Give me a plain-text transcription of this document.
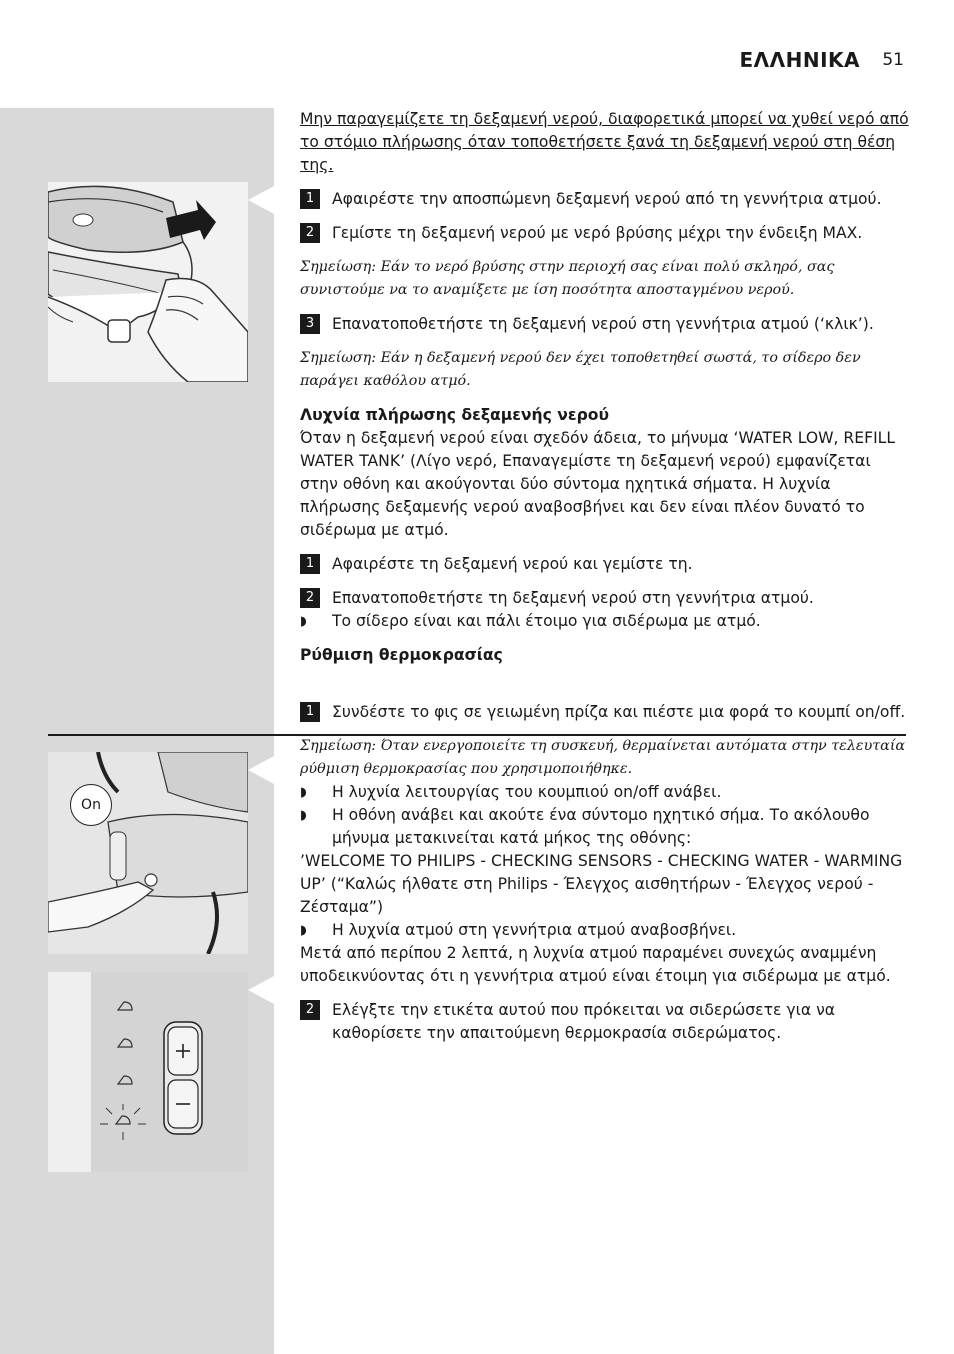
ΕΛΛΗΝΙΚΑ 51
On

Μην παραγεμίζετε τη δεξαμενή νερού, διαφορετικά μπορεί να χυθεί νερό από το στόμιο πλήρωσης όταν τοποθετήσετε ξανά τη δεξαμενή νερού στη θέση της.

1	Αφαιρέστε την αποσπώμενη δεξαμενή νερού από τη γεννήτρια ατμού.
2	Γεμίστε τη δεξαμενή νερού με νερό βρύσης μέχρι την ένδειξη MAX.

Σημείωση: Εάν το νερό βρύσης στην περιοχή σας είναι πολύ σκληρό, σας συνιστούμε να το αναμίξετε με ίση ποσότητα αποσταγμένου νερού.

3	Επανατοποθετήστε τη δεξαμενή νερού στη γεννήτρια ατμού (‘κλικ’).

Σημείωση: Εάν η δεξαμενή νερού δεν έχει τοποθετηθεί σωστά, το σίδερο δεν παράγει καθόλου ατμό.

Λυχνία πλήρωσης δεξαμενής νερού

Όταν η δεξαμενή νερού είναι σχεδόν άδεια, το μήνυμα ‘WATER LOW, REFILL WATER TANK’ (Λίγο νερό, Επαναγεμίστε τη δεξαμενή νερού) εμφανίζεται στην οθόνη και ακούγονται δύο σύντομα ηχητικά σήματα. Η λυχνία πλήρωσης δεξαμενής νερού αναβοσβήνει και δεν είναι πλέον δυνατό το σιδέρωμα με ατμό.

1	Αφαιρέστε τη δεξαμενή νερού και γεμίστε τη.
2	Επανατοποθετήστε τη δεξαμενή νερού στη γεννήτρια ατμού.
◗	Το σίδερο είναι και πάλι έτοιμο για σιδέρωμα με ατμό.

Ρύθμιση θερμοκρασίας

1	Συνδέστε το φις σε γειωμένη πρίζα και πιέστε μια φορά το κουμπί on/off.

Σημείωση: Όταν ενεργοποιείτε τη συσκευή, θερμαίνεται αυτόματα στην τελευταία ρύθμιση θερμοκρασίας που χρησιμοποιήθηκε.

◗	Η λυχνία λειτουργίας του κουμπιού on/off ανάβει.
◗	Η οθόνη ανάβει και ακούτε ένα σύντομο ηχητικό σήμα. Το ακόλουθο μήνυμα μετακινείται κατά μήκος της οθόνης:

’WELCOME TO PHILIPS - CHECKING SENSORS - CHECKING WATER - WARMING UP’ (“Καλώς ήλθατε στη Philips - Έλεγχος αισθητήρων - Έλεγχος νερού - Ζέσταμα”)

◗	Η λυχνία ατμού στη γεννήτρια ατμού αναβοσβήνει.

Μετά από περίπου 2 λεπτά, η λυχνία ατμού παραμένει συνεχώς αναμμένη υποδεικνύοντας ότι η γεννήτρια ατμού είναι έτοιμη για σιδέρωμα με ατμό.

2	Ελέγξτε την ετικέτα αυτού που πρόκειται να σιδερώσετε για να καθορίσετε την απαιτούμενη θερμοκρασία σιδερώματος.
